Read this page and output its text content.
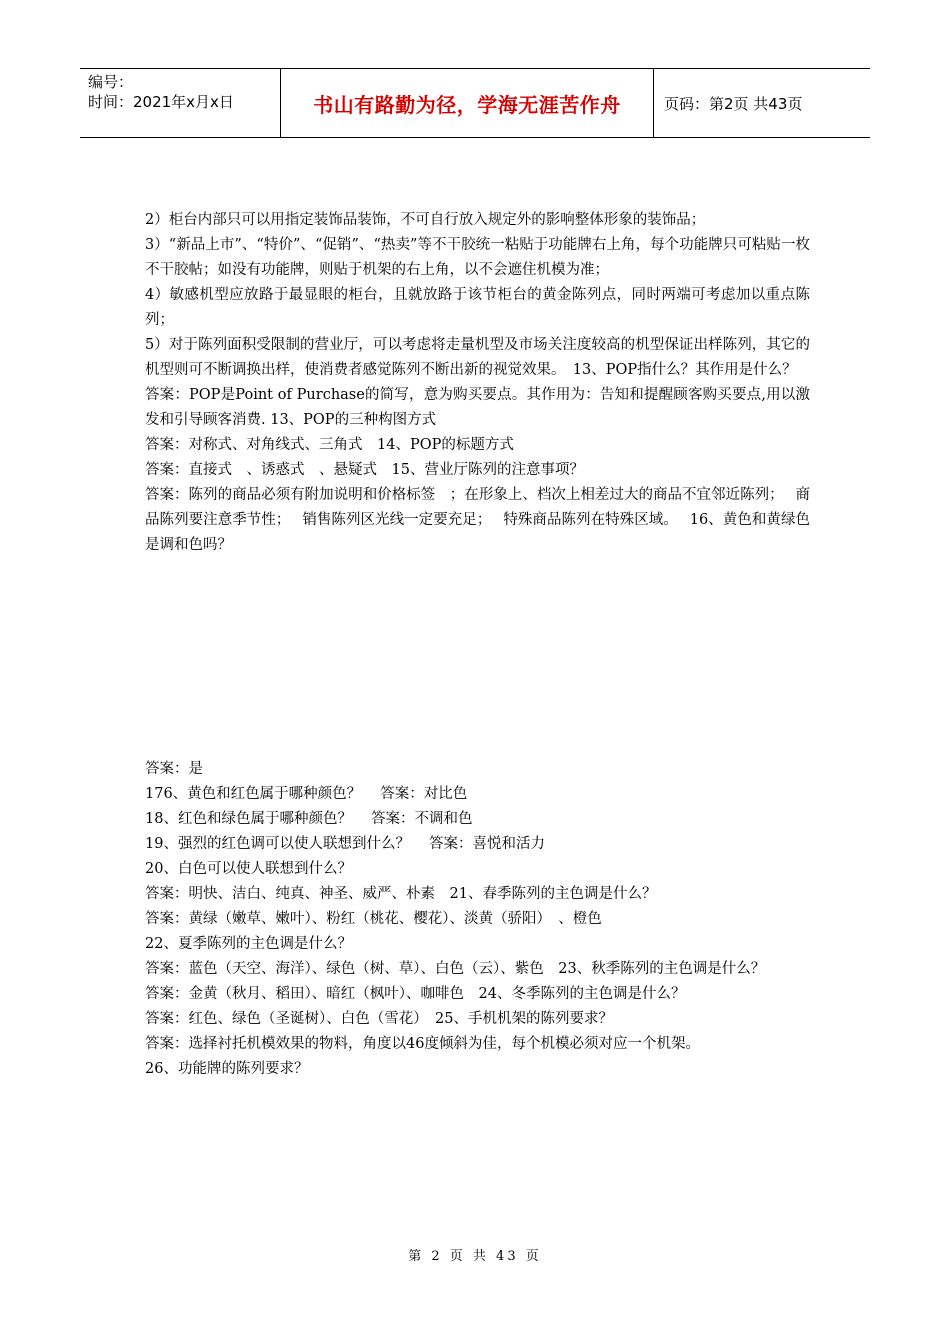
编号：
时间：2021年x月x日	书山有路勤为径，学海无涯苦作舟	页码：第2页 共43页

2）柜台内部只可以用指定装饰品装饰，不可自行放入规定外的影响整体形象的装饰品；

3）“新品上市”、“特价”、“促销”、“热卖”等不干胶统一粘贴于功能牌右上角，每个功能牌只可粘贴一枚不干胶帖；如没有功能牌，则贴于机架的右上角，以不会遮住机模为准；

4）敏感机型应放路于最显眼的柜台，且就放路于该节柜台的黄金陈列点，同时两端可考虑加以重点陈列；

5）对于陈列面积受限制的营业厅，可以考虑将走量机型及市场关注度较高的机型保证出样陈列，其它的机型则可不断调换出样，使消费者感觉陈列不断出新的视觉效果。　13、POP指什么？其作用是什么？

答案：POP是Point of Purchase的简写，意为购买要点。其作用为：告知和提醒顾客购买要点,用以激发和引导顾客消费. 13、POP的三种构图方式

答案：对称式、对角线式、三角式　14、POP的标题方式

答案：直接式　、诱惑式　、悬疑式　15、营业厅陈列的注意事项？

答案：陈列的商品必须有附加说明和价格标签　；在形象上、档次上相差过大的商品不宜邻近陈列；　 商品陈列要注意季节性；　 销售陈列区光线一定要充足；　 特殊商品陈列在特殊区域。　 16、黄色和黄绿色是调和色吗？

答案：是

176、黄色和红色属于哪种颜色？　 答案：对比色

18、红色和绿色属于哪种颜色？　 答案：不调和色

19、强烈的红色调可以使人联想到什么？　 答案：喜悦和活力

20、白色可以使人联想到什么？

答案：明快、洁白、纯真、神圣、威严、朴素　21、春季陈列的主色调是什么？

答案：黄绿（嫩草、嫩叶）、粉红（桃花、樱花）、淡黄（骄阳）　、橙色

22、夏季陈列的主色调是什么？

答案：蓝色（天空、海洋）、绿色（树、草）、白色（云）、紫色　23、秋季陈列的主色调是什么？

答案：金黄（秋月、稻田）、暗红（枫叶）、咖啡色　24、冬季陈列的主色调是什么？

答案：红色、绿色（圣诞树）、白色（雪花）　25、手机机架的陈列要求？

答案：选择衬托机模效果的物料，角度以46度倾斜为佳，每个机模必须对应一个机架。

26、功能牌的陈列要求？

第 2 页 共 43 页
